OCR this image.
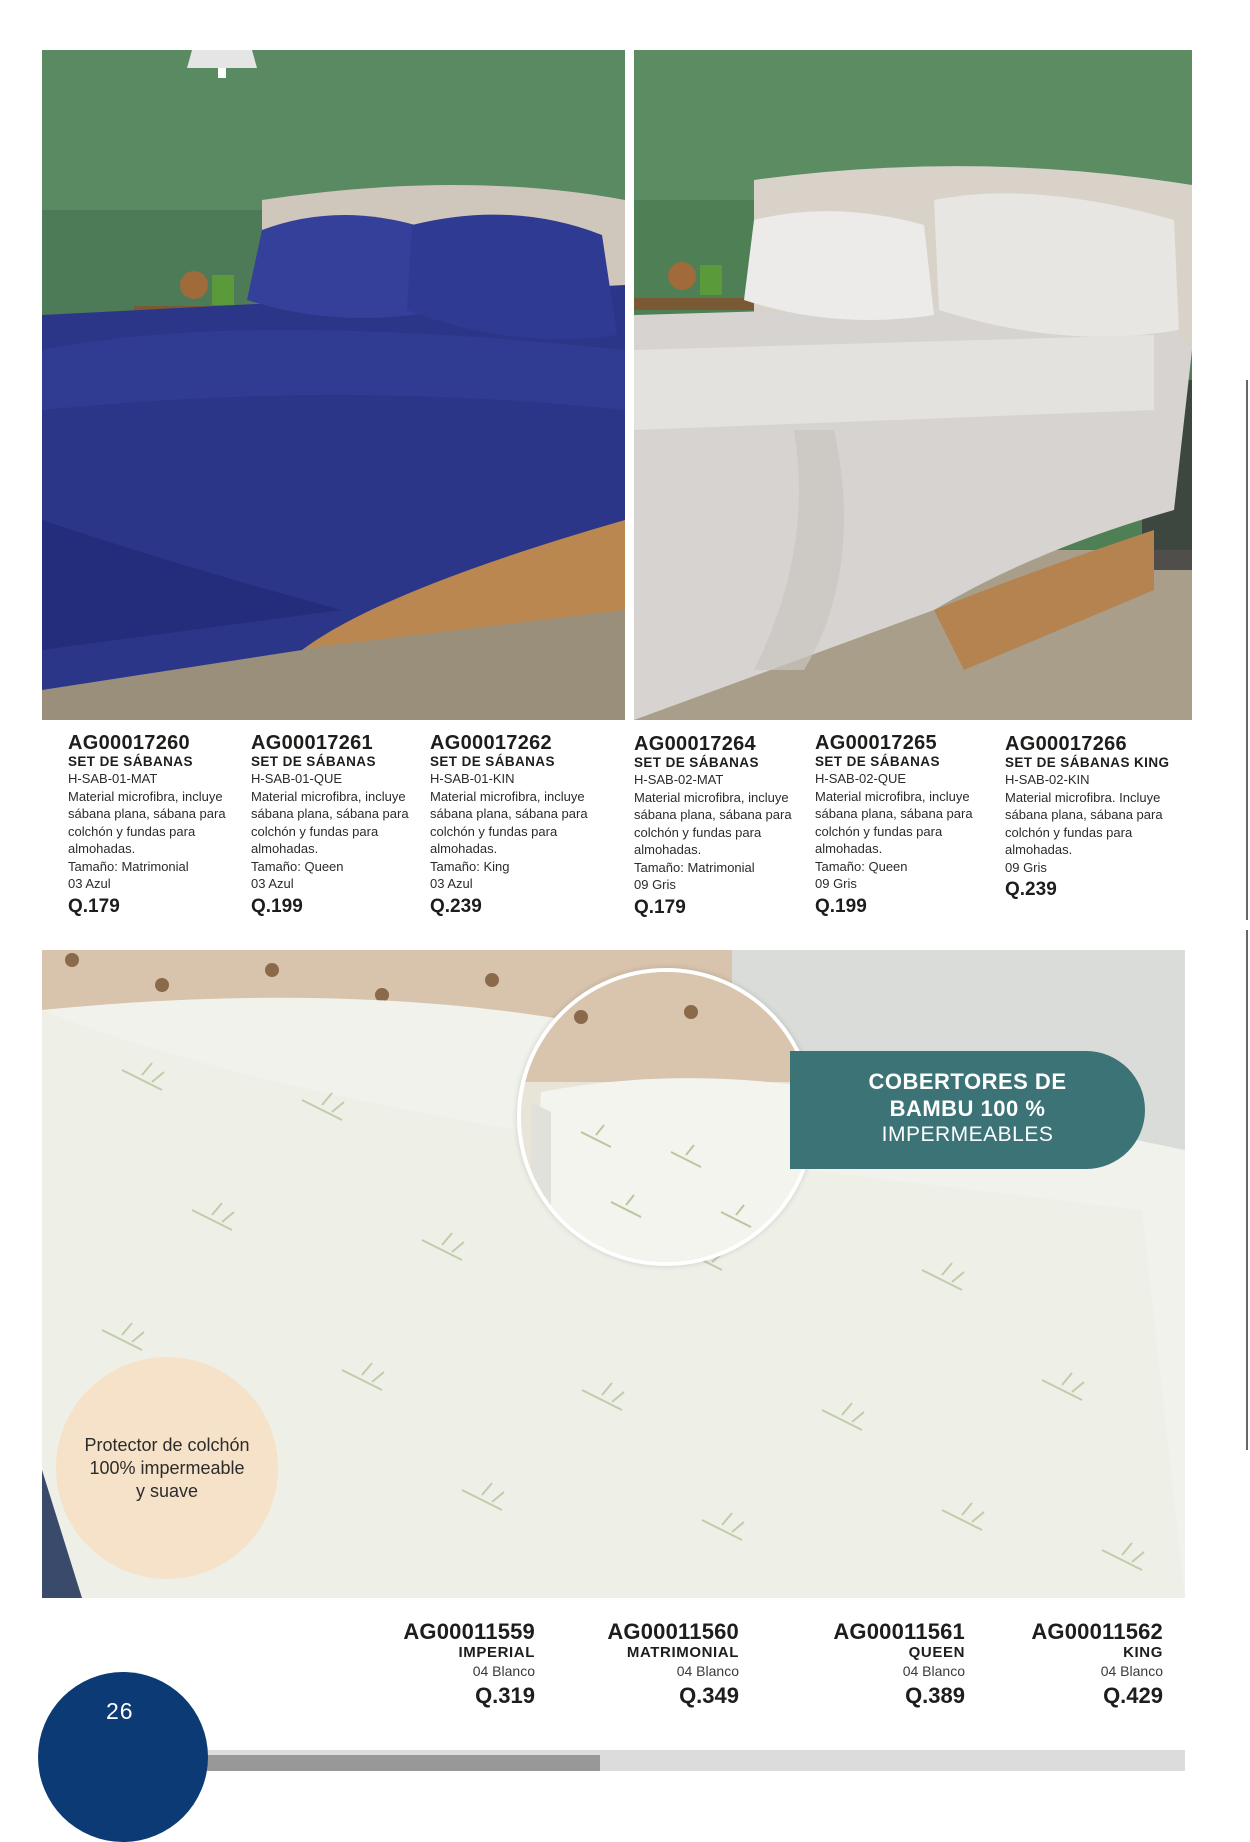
AG00017260
SET DE SÁBANAS
H-SAB-01-MAT
Material microfibra, incluye
sábana plana, sábana para
colchón y fundas para
almohadas.
Tamaño: Matrimonial
03 Azul
Q.179
AG00017261
SET DE SÁBANAS
H-SAB-01-QUE
Material microfibra, incluye
sábana plana, sábana para
colchón y fundas para
almohadas.
Tamaño: Queen
03 Azul
Q.199
AG00017262
SET DE SÁBANAS
H-SAB-01-KIN
Material microfibra, incluye
sábana plana, sábana para
colchón y fundas para
almohadas.
Tamaño: King
03 Azul
Q.239
AG00017264
SET DE SÁBANAS
H-SAB-02-MAT
Material microfibra, incluye
sábana plana, sábana para
colchón y fundas para
almohadas.
Tamaño: Matrimonial
09 Gris
Q.179
AG00017265
SET DE SÁBANAS
H-SAB-02-QUE
Material microfibra, incluye
sábana plana, sábana para
colchón y fundas para
almohadas.
Tamaño: Queen
09 Gris
Q.199
AG00017266
SET DE SÁBANAS KING
H-SAB-02-KIN
Material microfibra. Incluye
sábana plana, sábana para
colchón y fundas para
almohadas.
09 Gris
Q.239
COBERTORES DE
BAMBU 100 %
IMPERMEABLES
Protector de colchón
100% impermeable
y suave
AG00011559
IMPERIAL
04 Blanco
Q.319
AG00011560
MATRIMONIAL
04 Blanco
Q.349
AG00011561
QUEEN
04 Blanco
Q.389
AG00011562
KING
04 Blanco
Q.429
26
